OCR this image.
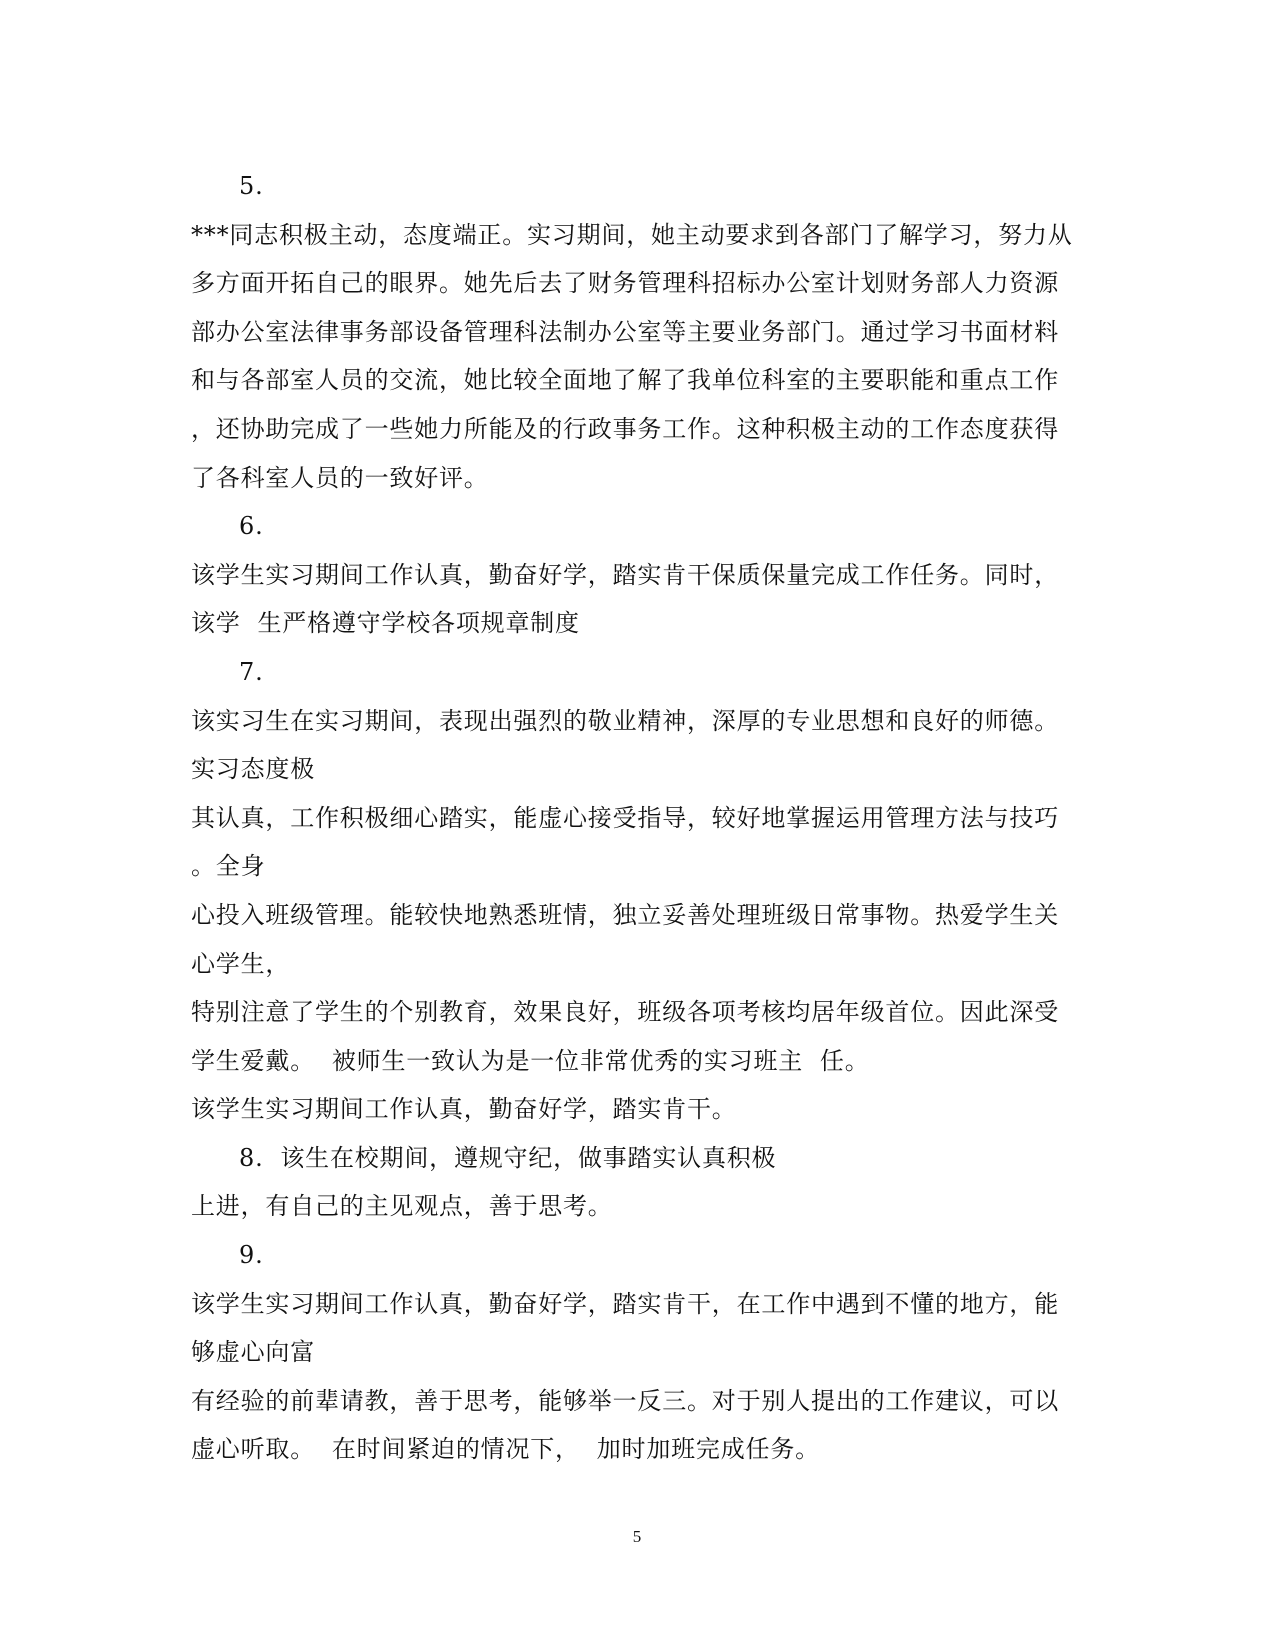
5.
***同志积极主动，态度端正。实习期间，她主动要求到各部门了解学习，努力从
多方面开拓自己的眼界。她先后去了财务管理科招标办公室计划财务部人力资源
部办公室法律事务部设备管理科法制办公室等主要业务部门。通过学习书面材料
和与各部室人员的交流，她比较全面地了解了我单位科室的主要职能和重点工作
，还协助完成了一些她力所能及的行政事务工作。这种积极主动的工作态度获得
了各科室人员的一致好评。
6.
该学生实习期间工作认真，勤奋好学，踏实肯干保质保量完成工作任务。同时，
该学  生严格遵守学校各项规章制度
7.
该实习生在实习期间，表现出强烈的敬业精神，深厚的专业思想和良好的师德。
实习态度极
其认真，工作积极细心踏实，能虚心接受指导，较好地掌握运用管理方法与技巧
。全身
心投入班级管理。能较快地熟悉班情，独立妥善处理班级日常事物。热爱学生关
心学生，
特别注意了学生的个别教育，效果良好，班级各项考核均居年级首位。因此深受
学生爱戴。  被师生一致认为是一位非常优秀的实习班主  任。
该学生实习期间工作认真，勤奋好学，踏实肯干。
8.  该生在校期间，遵规守纪，做事踏实认真积极
上进，有自己的主见观点，善于思考。
9.
该学生实习期间工作认真，勤奋好学，踏实肯干，在工作中遇到不懂的地方，能
够虚心向富
有经验的前辈请教，善于思考，能够举一反三。对于别人提出的工作建议，可以
虚心听取。  在时间紧迫的情况下，  加时加班完成任务。
5
